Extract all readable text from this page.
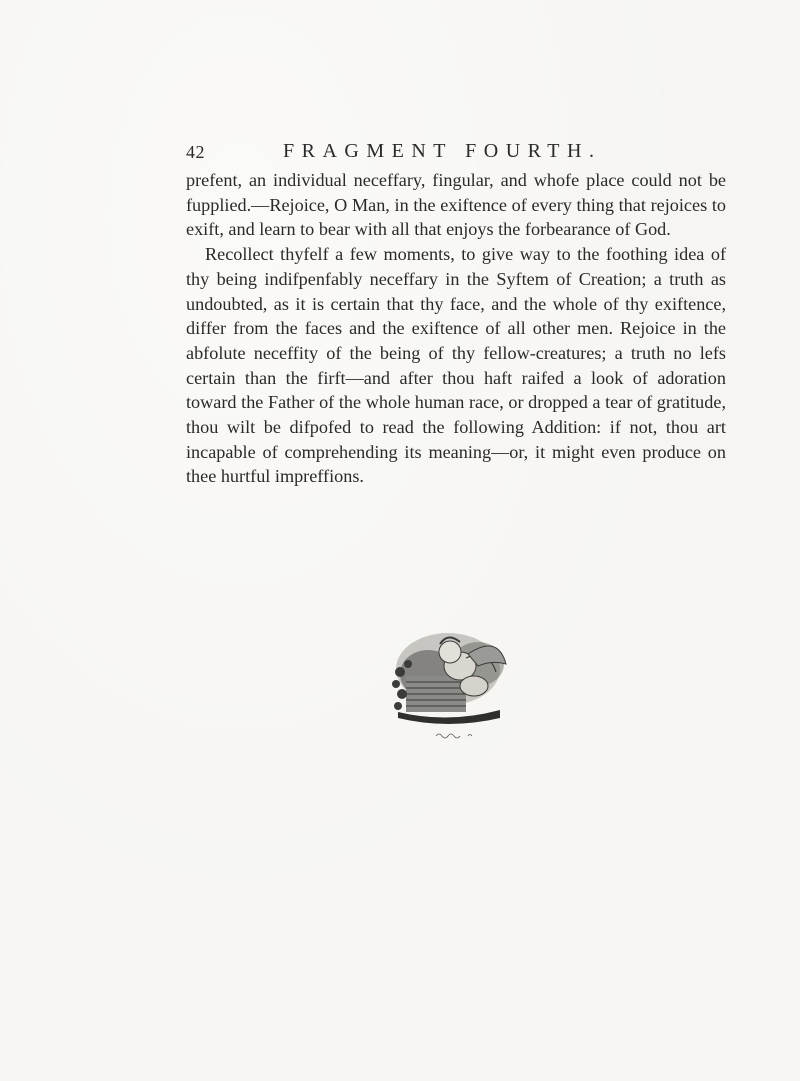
42	FRAGMENT FOURTH.

prefent, an individual neceffary, fingular, and whofe place could not be fupplied.—Rejoice, O Man, in the exiftence of every thing that rejoices to exift, and learn to bear with all that enjoys the forbearance of God.

Recollect thyfelf a few moments, to give way to the foothing idea of thy being indifpenfably neceffary in the Syftem of Creation; a truth as undoubted, as it is certain that thy face, and the whole of thy exiftence, differ from the faces and the exiftence of all other men. Rejoice in the abfolute neceffity of the being of thy fellow-creatures; a truth no lefs certain than the firft—and after thou haft raifed a look of adoration toward the Father of the whole human race, or dropped a tear of gratitude, thou wilt be difpofed to read the following Addition: if not, thou art incapable of comprehending its meaning—or, it might even produce on thee hurtful impreffions.
